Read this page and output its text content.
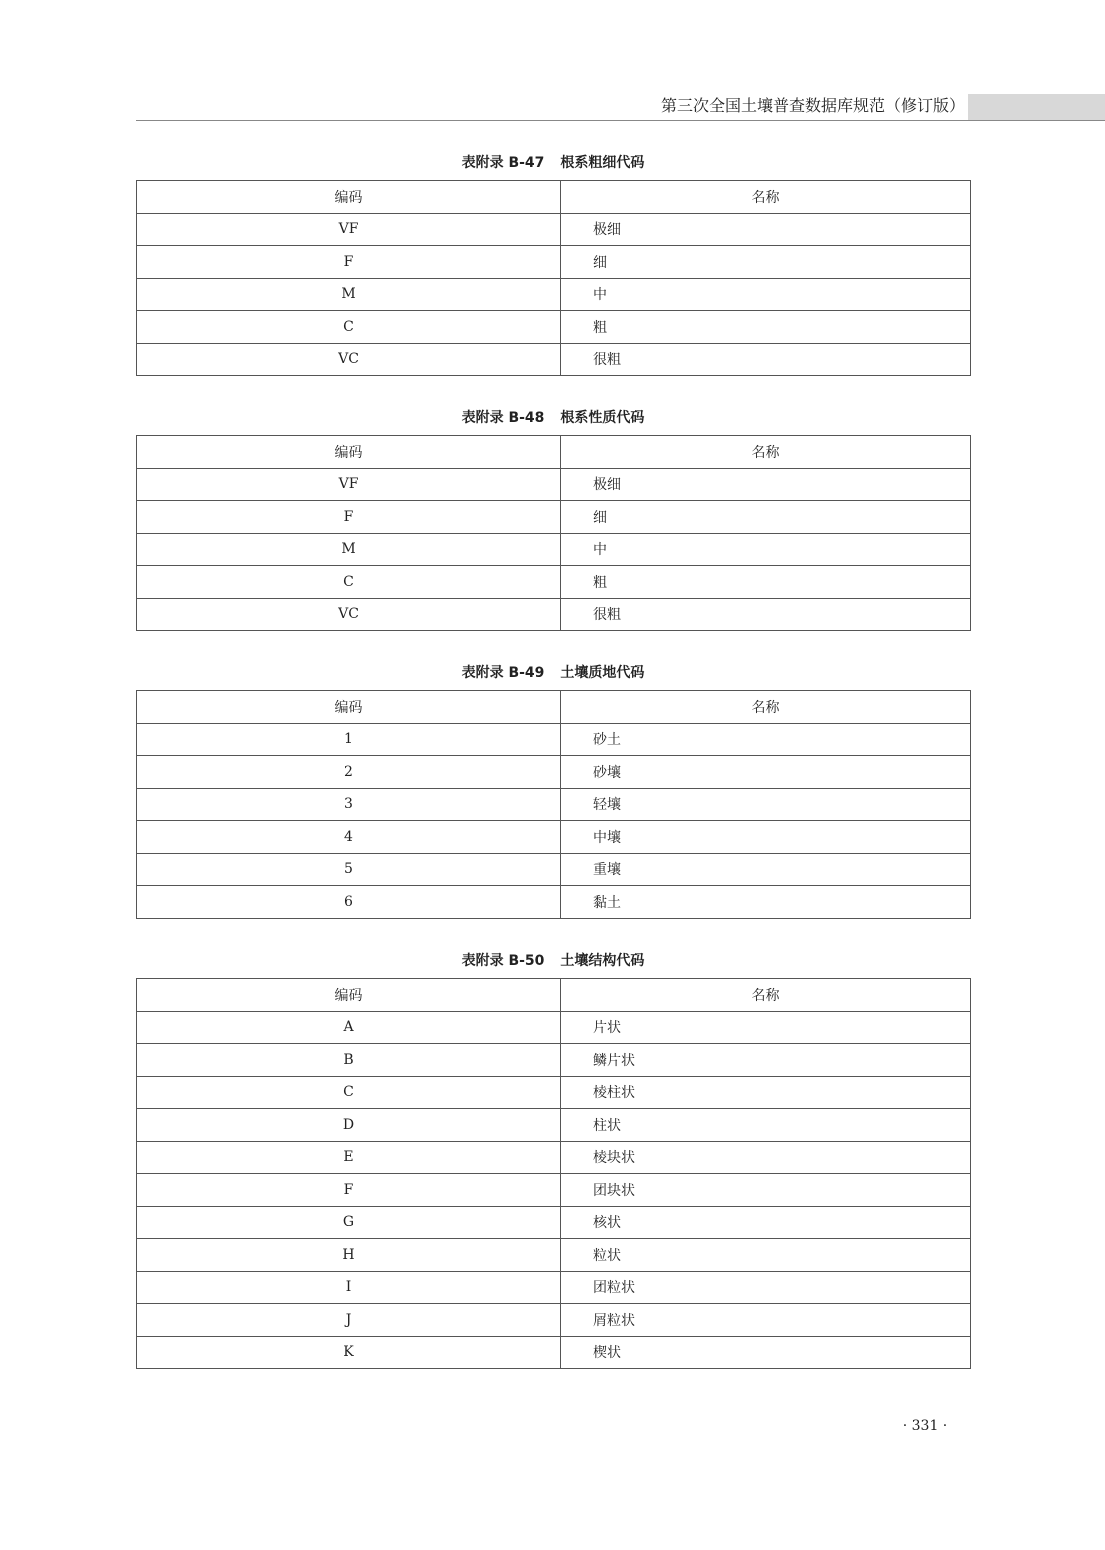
第三次全国土壤普查数据库规范（修订版）
表附录 B-47 根系粗细代码
编码	名称
VF	极细
F	细
M	中
C	粗
VC	很粗
表附录 B-48 根系性质代码
编码	名称
VF	极细
F	细
M	中
C	粗
VC	很粗
表附录 B-49 土壤质地代码
编码	名称
1	砂土
2	砂壤
3	轻壤
4	中壤
5	重壤
6	黏土
表附录 B-50 土壤结构代码
编码	名称
A	片状
B	鳞片状
C	棱柱状
D	柱状
E	棱块状
F	团块状
G	核状
H	粒状
I	团粒状
J	屑粒状
K	楔状
· 331 ·
